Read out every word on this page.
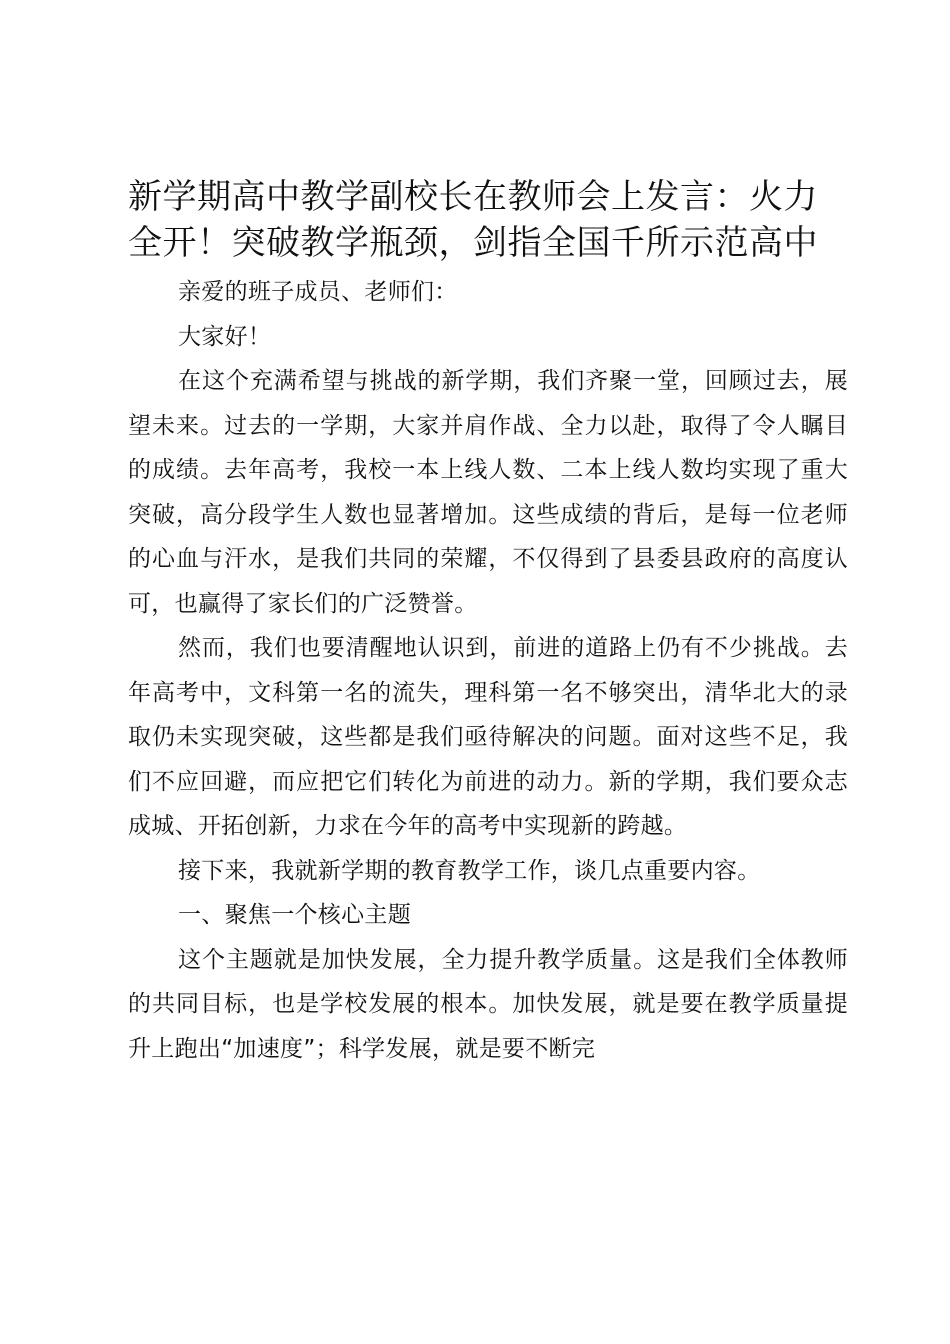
新学期高中教学副校长在教师会上发言：火力全开！突破教学瓶颈，剑指全国千所示范高中

亲爱的班子成员、老师们：

大家好！

在这个充满希望与挑战的新学期，我们齐聚一堂，回顾过去，展望未来。过去的一学期，大家并肩作战、全力以赴，取得了令人瞩目的成绩。去年高考，我校一本上线人数、二本上线人数均实现了重大突破，高分段学生人数也显著增加。这些成绩的背后，是每一位老师的心血与汗水，是我们共同的荣耀，不仅得到了县委县政府的高度认可，也赢得了家长们的广泛赞誉。

然而，我们也要清醒地认识到，前进的道路上仍有不少挑战。去年高考中，文科第一名的流失，理科第一名不够突出，清华北大的录取仍未实现突破，这些都是我们亟待解决的问题。面对这些不足，我们不应回避，而应把它们转化为前进的动力。新的学期，我们要众志成城、开拓创新，力求在今年的高考中实现新的跨越。

接下来，我就新学期的教育教学工作，谈几点重要内容。

一、聚焦一个核心主题

这个主题就是加快发展，全力提升教学质量。这是我们全体教师的共同目标，也是学校发展的根本。加快发展，就是要在教学质量提升上跑出“加速度”；科学发展，就是要不断完
